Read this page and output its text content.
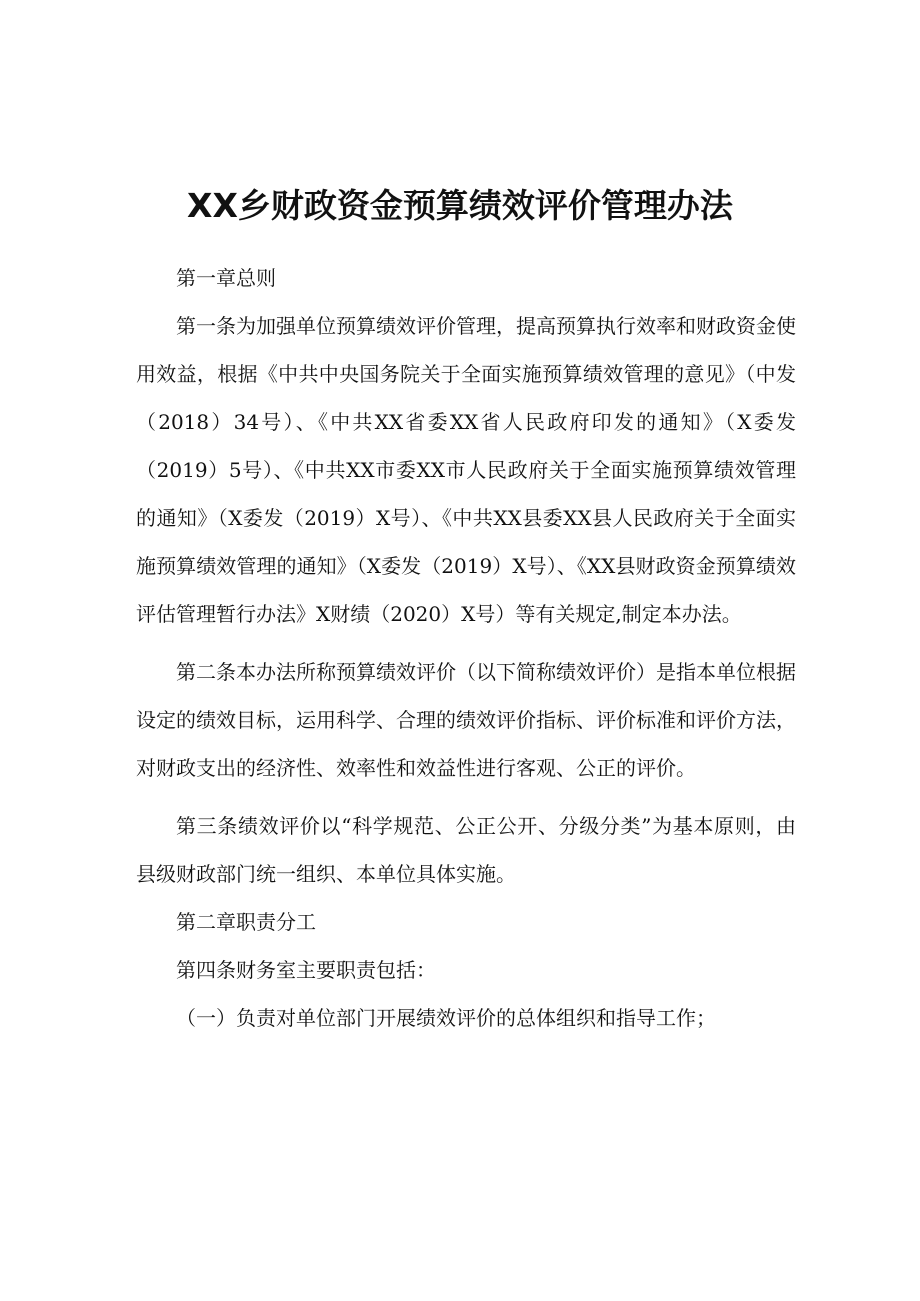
XX乡财政资金预算绩效评价管理办法

第一章总则

第一条为加强单位预算绩效评价管理，提高预算执行效率和财政资金使用效益，根据《中共中央国务院关于全面实施预算绩效管理的意见》（中发（2018）34号）、《中共XX省委XX省人民政府印发的通知》（X委发（2019）5号）、《中共XX市委XX市人民政府关于全面实施预算绩效管理的通知》（X委发（2019）X号）、《中共XX县委XX县人民政府关于全面实施预算绩效管理的通知》（X委发（2019）X号）、《XX县财政资金预算绩效评估管理暂行办法》X财绩（2020）X号）等有关规定,制定本办法。

第二条本办法所称预算绩效评价（以下简称绩效评价）是指本单位根据设定的绩效目标，运用科学、合理的绩效评价指标、评价标准和评价方法，对财政支出的经济性、效率性和效益性进行客观、公正的评价。

第三条绩效评价以“科学规范、公正公开、分级分类”为基本原则，由县级财政部门统一组织、本单位具体实施。

第二章职责分工

第四条财务室主要职责包括：

（一）负责对单位部门开展绩效评价的总体组织和指导工作；
